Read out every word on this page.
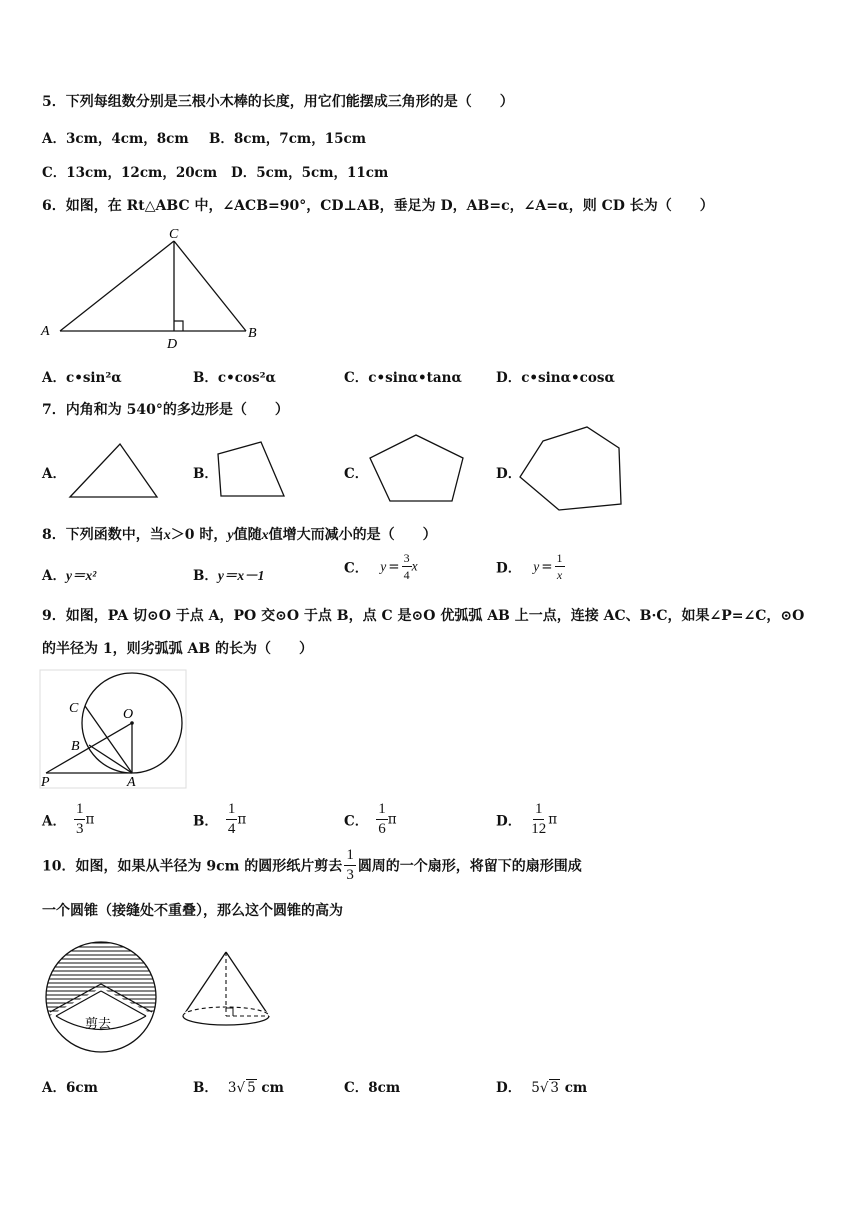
5．下列每组数分别是三根小木棒的长度，用它们能摆成三角形的是（　　）
A．3cm，4cm，8cm B．8cm，7cm，15cm
C．13cm，12cm，20cm D．5cm，5cm，11cm
6．如图，在 Rt△ABC 中，∠ACB=90°，CD⊥AB，垂足为 D，AB=c，∠A=α，则 CD 长为（　　）
A
C
B
D
A．c•sin²α	B．c•cos²α	C．c•sinα•tanα	D．c•sinα•cosα
7．内角和为 540°的多边形是（　　）
A．	B．	C．	D．
8．下列函数中，当x＞0 时，y值随x值增大而减小的是（　　）
A．y＝x²	B．y＝x－1	C． $y = \frac{3}{4}$ x	D． $y = \frac{1}{x}$
9．如图，PA 切⊙O 于点 A，PO 交⊙O 于点 B，点 C 是⊙O 优弧弧 AB 上一点，连接 AC、B·C，如果∠P=∠C，⊙O
的半径为 1，则劣弧弧 AB 的长为（　　）
C	O
B
P	A
A． $\frac{1}{3}$ π	B． $\frac{1}{4}$ π	C． $\frac{1}{6}$ π	D． $\frac{1}{12}$ π
10．如图，如果从半径为 9cm 的圆形纸片剪去 $\frac{1}{3}$ 圆周的一个扇形，将留下的扇形围成
一个圆锥（接缝处不重叠），那么这个圆锥的高为
剪去
A．6cm	B． 3√ 5 cm	C．8cm	D． 5√ 3 cm
